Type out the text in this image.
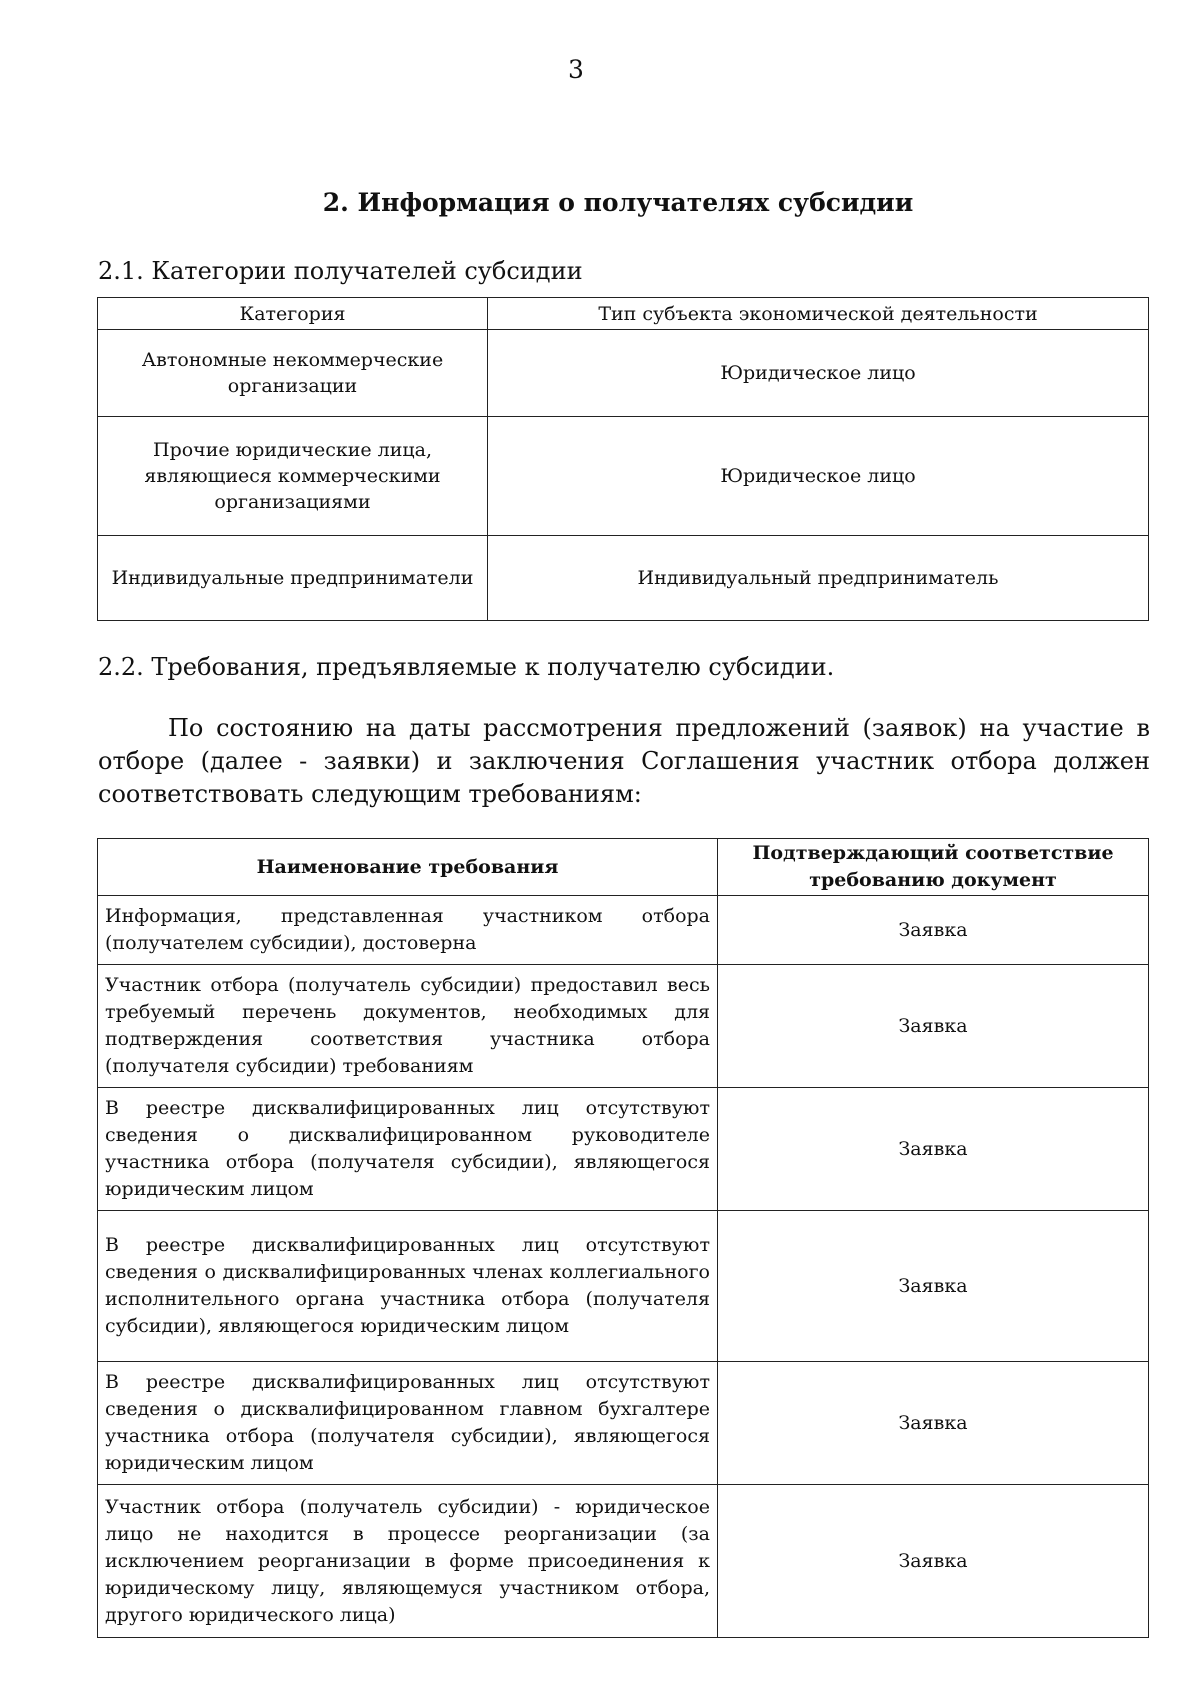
3
2. Информация о получателях субсидии
2.1. Категории получателей субсидии
Категория	Тип субъекта экономической деятельности
Автономные некоммерческие организации	Юридическое лицо
Прочие юридические лица, являющиеся коммерческими организациями	Юридическое лицо
Индивидуальные предприниматели	Индивидуальный предприниматель
2.2. Требования, предъявляемые к получателю субсидии.
По состоянию на даты рассмотрения предложений (заявок) на участие в отборе (далее - заявки) и заключения Соглашения участник отбора должен соответствовать следующим требованиям:
Наименование требования	Подтверждающий соответствие требованию документ
Информация, представленная участником отбора (получателем субсидии), достоверна	Заявка
Участник отбора (получатель субсидии) предоставил весь требуемый перечень документов, необходимых для подтверждения соответствия участника отбора (получателя субсидии) требованиям	Заявка
В реестре дисквалифицированных лиц отсутствуют сведения о дисквалифицированном руководителе участника отбора (получателя субсидии), являющегося юридическим лицом	Заявка
В реестре дисквалифицированных лиц отсутствуют сведения о дисквалифицированных членах коллегиального исполнительного органа участника отбора (получателя субсидии), являющегося юридическим лицом	Заявка
В реестре дисквалифицированных лиц отсутствуют сведения о дисквалифицированном главном бухгалтере участника отбора (получателя субсидии), являющегося юридическим лицом	Заявка
Участник отбора (получатель субсидии) - юридическое лицо не находится в процессе реорганизации (за исключением реорганизации в форме присоединения к юридическому лицу, являющемуся участником отбора, другого юридического лица)	Заявка
